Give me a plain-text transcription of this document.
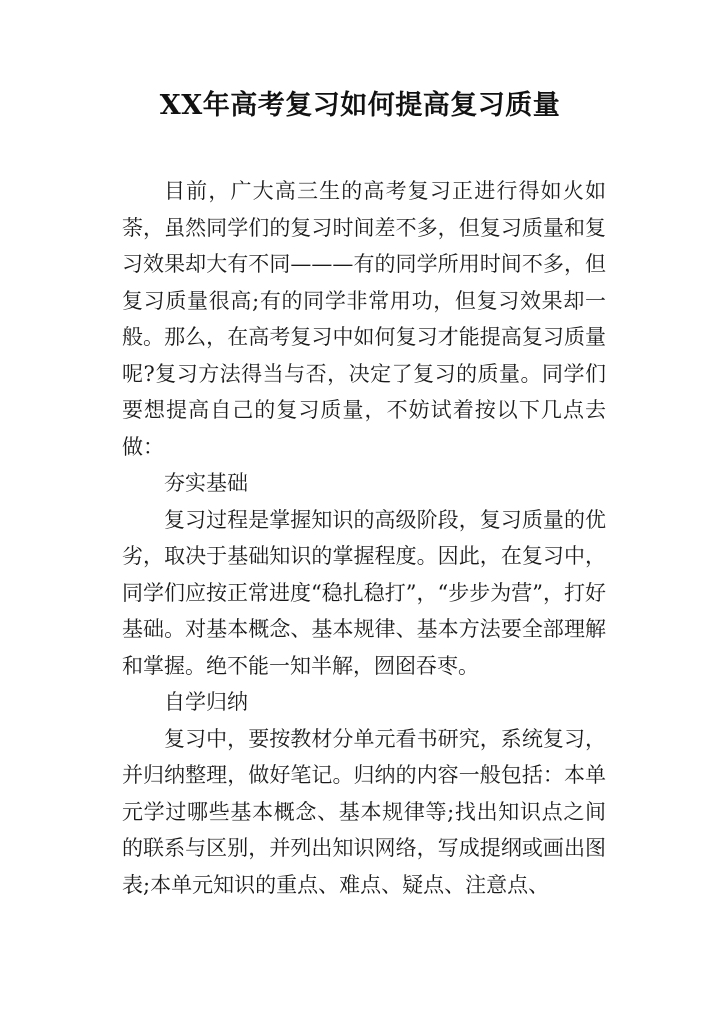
XX年高考复习如何提高复习质量

目前，广大高三生的高考复习正进行得如火如荼，虽然同学们的复习时间差不多，但复习质量和复习效果却大有不同———有的同学所用时间不多，但复习质量很高;有的同学非常用功，但复习效果却一般。那么，在高考复习中如何复习才能提高复习质量呢?复习方法得当与否，决定了复习的质量。同学们要想提高自己的复习质量，不妨试着按以下几点去做：

夯实基础

复习过程是掌握知识的高级阶段，复习质量的优劣，取决于基础知识的掌握程度。因此，在复习中，同学们应按正常进度“稳扎稳打”，“步步为营”，打好基础。对基本概念、基本规律、基本方法要全部理解和掌握。绝不能一知半解，囫囵吞枣。

自学归纳

复习中，要按教材分单元看书研究，系统复习，并归纳整理，做好笔记。归纳的内容一般包括：本单元学过哪些基本概念、基本规律等;找出知识点之间的联系与区别，并列出知识网络，写成提纲或画出图表;本单元知识的重点、难点、疑点、注意点、
